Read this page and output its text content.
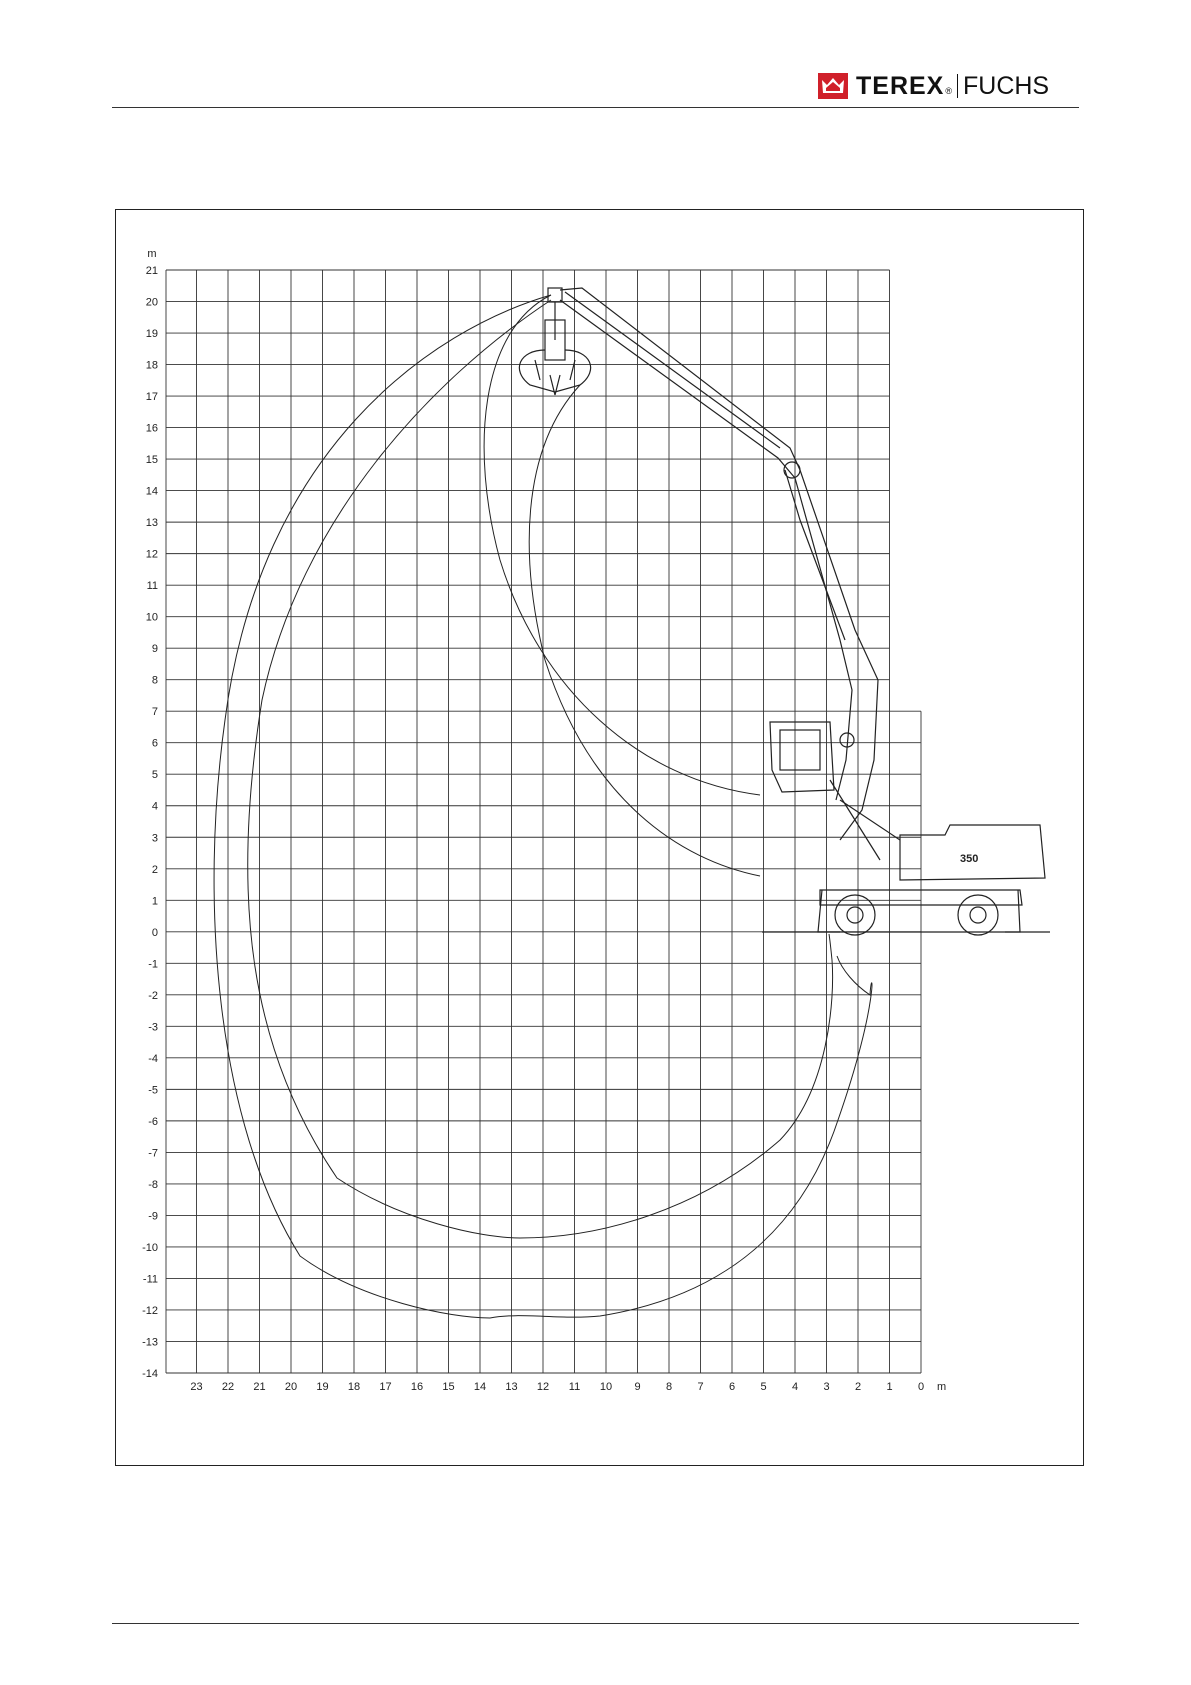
TEREX ® FUCHS
21
20
19
18
17
16
15
14
13
12
11
10
9
8
7
6
5
4
3
2
1
0
-1
-2
-3
-4
-5
-6
-7
-8
-9
-10
-11
-12
-13
-14
23 22 21 20 19 18 17 16 15 14 13 12 11 10 9 8 7 6 5 4 3 2 1 0
m
m
350
